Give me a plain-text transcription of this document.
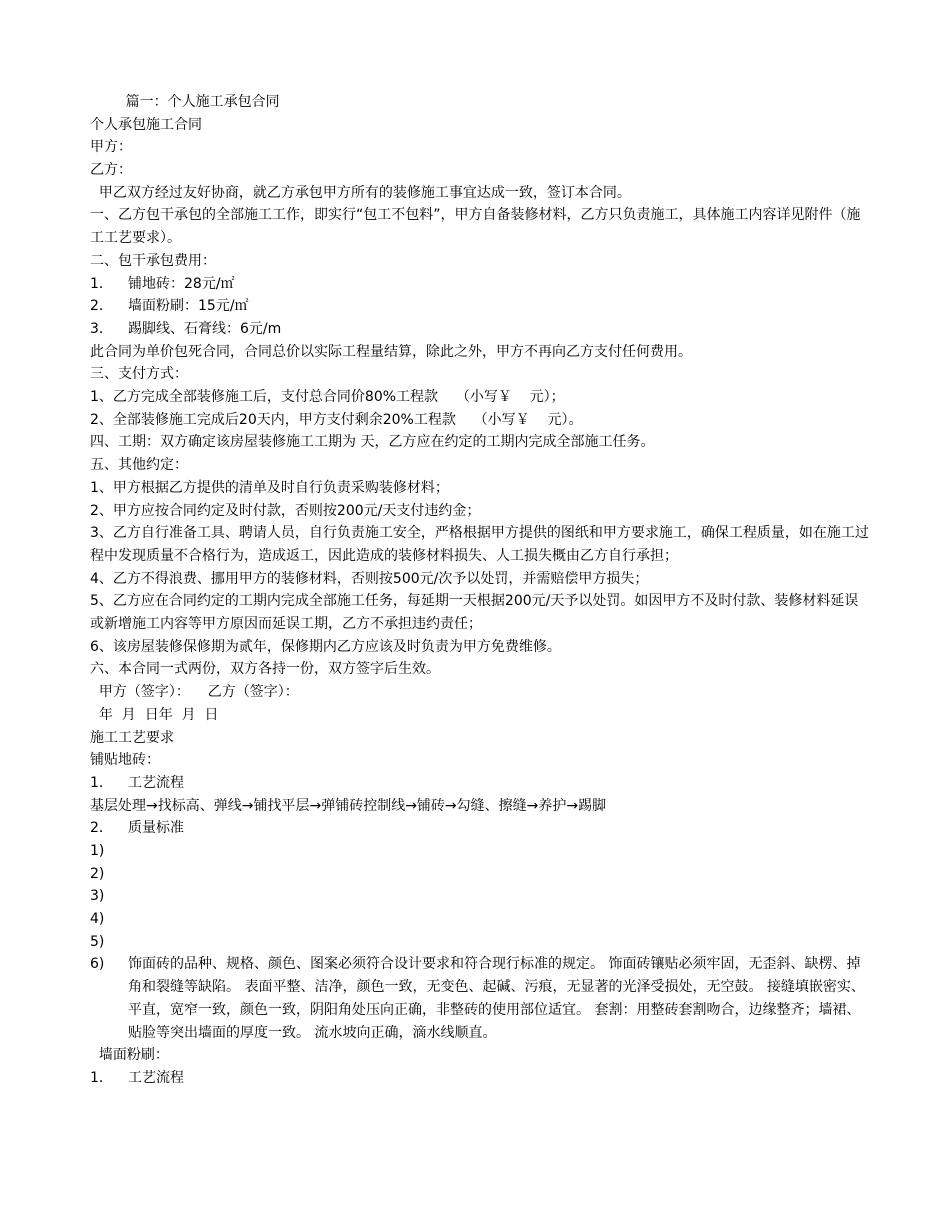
篇一：个人施工承包合同
个人承包施工合同
甲方：
乙方：
甲乙双方经过友好协商，就乙方承包甲方所有的装修施工事宜达成一致，签订本合同。
一、乙方包干承包的全部施工工作，即实行“包工不包料”，甲方自备装修材料，乙方只负责施工，具体施工内容详见附件（施工工艺要求）。
二、包干承包费用：
1．	铺地砖：28元/㎡
2．	墙面粉刷：15元/㎡
3．	踢脚线、石膏线：6元/m
此合同为单价包死合同，合同总价以实际工程量结算，除此之外，甲方不再向乙方支付任何费用。
三、支付方式：
1、乙方完成全部装修施工后，支付总合同价80%工程款    （小写￥    元）；
2、全部装修施工完成后20天内，甲方支付剩余20%工程款    （小写￥    元）。
四、工期：双方确定该房屋装修施工工期为 天，乙方应在约定的工期内完成全部施工任务。
五、其他约定：
1、甲方根据乙方提供的清单及时自行负责采购装修材料；
2、甲方应按合同约定及时付款，否则按200元/天支付违约金；
3、乙方自行准备工具、聘请人员，自行负责施工安全，严格根据甲方提供的图纸和甲方要求施工，确保工程质量，如在施工过程中发现质量不合格行为，造成返工，因此造成的装修材料损失、人工损失概由乙方自行承担；
4、乙方不得浪费、挪用甲方的装修材料，否则按500元/次予以处罚，并需赔偿甲方损失；
5、乙方应在合同约定的工期内完成全部施工任务，每延期一天根据200元/天予以处罚。如因甲方不及时付款、装修材料延误或新增施工内容等甲方原因而延误工期，乙方不承担违约责任；
6、该房屋装修保修期为贰年，保修期内乙方应该及时负责为甲方免费维修。
六、本合同一式两份，双方各持一份，双方签字后生效。
甲方（签字）：    乙方（签字）：
年  月  日年  月  日
施工工艺要求
铺贴地砖：
1．	工艺流程
基层处理→找标高、弹线→铺找平层→弹铺砖控制线→铺砖→勾缝、擦缝→养护→踢脚
2．	质量标准
1)
2)
3)
4)
5)
6)	饰面砖的品种、规格、颜色、图案必须符合设计要求和符合现行标准的规定。 饰面砖镶贴必须牢固，无歪斜、缺楞、掉角和裂缝等缺陷。 表面平整、洁净，颜色一致，无变色、起碱、污痕，无显著的光泽受损处，无空鼓。 接缝填嵌密实、平直，宽窄一致，颜色一致，阴阳角处压向正确，非整砖的使用部位适宜。 套割：用整砖套割吻合，边缘整齐；墙裙、贴脸等突出墙面的厚度一致。 流水坡向正确，滴水线顺直。
墙面粉刷：
1．	工艺流程
